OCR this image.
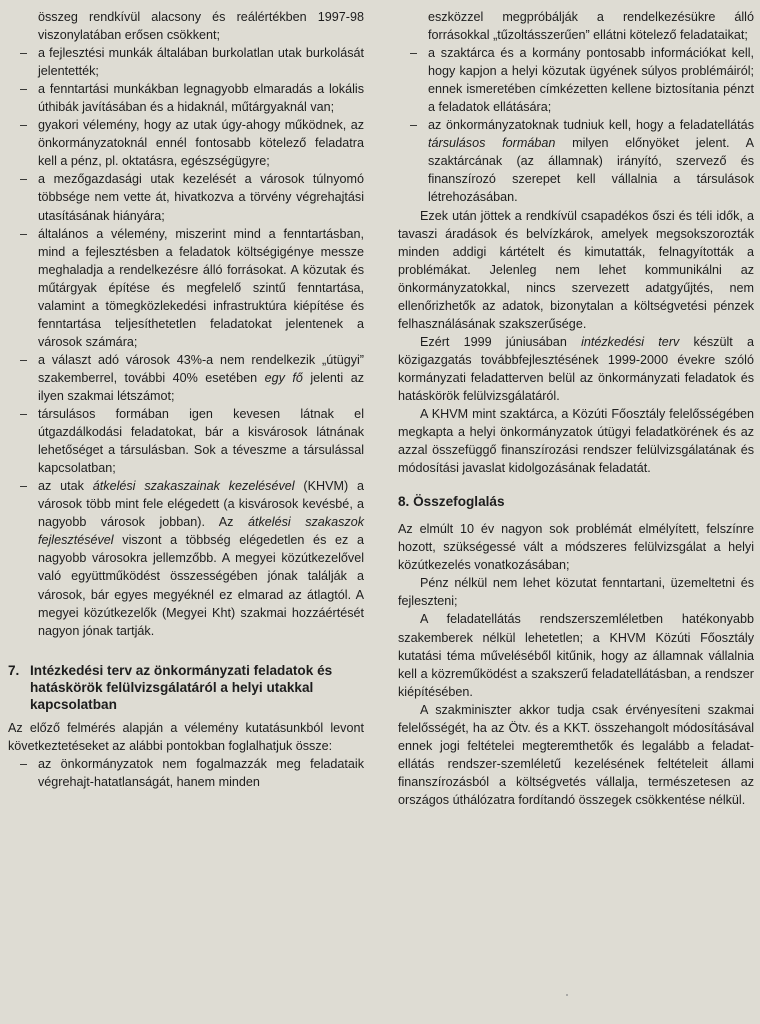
összeg rendkívül alacsony és reálértékben 1997-98 viszonylatában erősen csökkent;

– a fejlesztési munkák általában burkolatlan utak burkolását jelentették;

– a fenntartási munkákban legnagyobb elmaradás a lokális úthibák javításában és a hidaknál, műtárgyaknál van;

– gyakori vélemény, hogy az utak úgy-ahogy működnek, az önkormányzatoknál ennél fontosabb kötelező feladatra kell a pénz, pl. oktatásra, egészségügyre;

– a mezőgazdasági utak kezelését a városok túlnyomó többsége nem vette át, hivatkozva a törvény végrehajtási utasításának hiányára;

– általános a vélemény, miszerint mind a fenntartásban, mind a fejlesztésben a feladatok költségigénye messze meghaladja a rendelkezésre álló forrásokat. A közutak és műtárgyak építése és megfelelő szintű fenntartása, valamint a tömegközlekedési infrastruktúra kiépítése és fenntartása teljesíthetetlen feladatokat jelentenek a városok számára;

– a választ adó városok 43%-a nem rendelkezik „útügyi” szakemberrel, további 40% esetében egy fő jelenti az ilyen szakmai létszámot;

– társulásos formában igen kevesen látnak el útgazdálkodási feladatokat, bár a kisvárosok látnának lehetőséget a társulásban. Sok a téveszme a társulással kapcsolatban;

– az utak átkelési szakaszainak kezelésével (KHVM) a városok több mint fele elégedett (a kisvárosok kevésbé, a nagyobb városok jobban). Az átkelési szakaszok fejlesztésével viszont a többség elégedetlen és ez a nagyobb városokra jellemzőbb. A megyei közútkezelővel való együttműködést összességében jónak találják a városok, bár egyes megyéknél ez elmarad az átlagtól. A megyei közútkezelők (Megyei Kht) szakmai hozzáértését nagyon jónak tartják.

7. Intézkedési terv az önkormányzati feladatok és hatáskörök felülvizsgálatáról a helyi utakkal kapcsolatban

Az előző felmérés alapján a vélemény kutatásunkból levont következtetéseket az alábbi pontokban foglalhatjuk össze:

– az önkormányzatok nem fogalmazzák meg feladataik végrehajt-hatatlanságát, hanem minden

eszközzel megpróbálják a rendelkezésükre álló forrásokkal „tűzoltásszerűen” ellátni kötelező feladataikat;

– a szaktárca és a kormány pontosabb információkat kell, hogy kapjon a helyi közutak ügyének súlyos problémáiról; ennek ismeretében címkézetten kellene biztosítania pénzt a feladatok ellátására;

– az önkormányzatoknak tudniuk kell, hogy a feladatellátás társulásos formában milyen előnyöket jelent. A szaktárcának (az államnak) irányító, szervező és finanszírozó szerepet kell vállalnia a társulások létrehozásában.

Ezek után jöttek a rendkívül csapadékos őszi és téli idők, a tavaszi áradások és belvízkárok, amelyek megsokszorozták minden addigi kártételt és kimutatták, felnagyították a problémákat. Jelenleg nem lehet kommunikálni az önkormányzatokkal, nincs szervezett adatgyűjtés, nem ellenőrizhetők az adatok, bizonytalan a költségvetési pénzek felhasználásának szakszerűsége.

Ezért 1999 júniusában intézkedési terv készült a közigazgatás továbbfejlesztésének 1999-2000 évekre szóló kormányzati feladatterven belül az önkormányzati feladatok és hatáskörök felülvizsgálatáról.

A KHVM mint szaktárca, a Közúti Főosztály felelősségében megkapta a helyi önkormányzatok útügyi feladatkörének és az azzal összefüggő finanszírozási rendszer felülvizsgálatának és módosítási javaslat kidolgozásának feladatát.

8. Összefoglalás

Az elmúlt 10 év nagyon sok problémát elmélyített, felszínre hozott, szükségessé vált a módszeres felülvizsgálat a helyi közútkezelés vonatkozásában;

Pénz nélkül nem lehet közutat fenntartani, üzemeltetni és fejleszteni;

A feladatellátás rendszerszemléletben hatékonyabb szakemberek nélkül lehetetlen; a KHVM Közúti Főosztály kutatási téma műveléséből kitűnik, hogy az államnak vállalnia kell a közreműködést a szakszerű feladatellátásban, a rendszer kiépítésében.

A szakminiszter akkor tudja csak érvényesíteni szakmai felelősségét, ha az Ötv. és a KKT. összehangolt módosításával ennek jogi feltételei megteremthetők és legalább a feladat-ellátás rendszer-szemléletű kezelésének feltételeit állami finanszírozásból a költségvetés vállalja, természetesen az országos úthálózatra fordítandó összegek csökkentése nélkül.
